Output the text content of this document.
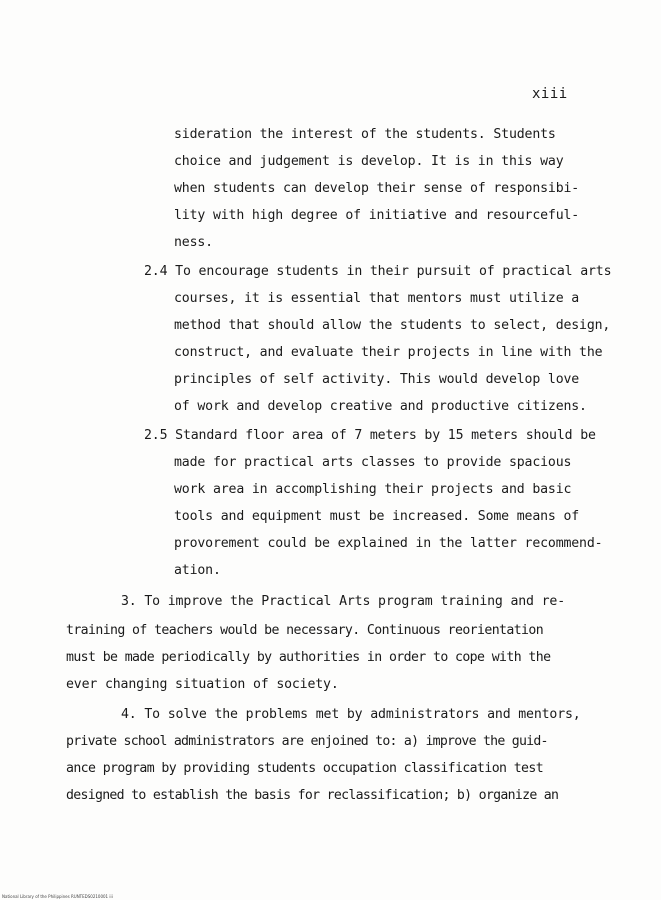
xiii
sideration the interest of the students. Students
choice and judgement is develop. It is in this way
when students can develop their sense of responsibi-
lity with high degree of initiative and resourceful-
ness.
2.4 To encourage students in their pursuit of practical arts
courses, it is essential that mentors must utilize a
method that should allow the students to select, design,
construct, and evaluate their projects in line with the
principles of self activity. This would develop love
of work and develop creative and productive citizens.
2.5 Standard floor area of 7 meters by 15 meters should be
made for practical arts classes to provide spacious
work area in accomplishing their projects and basic
tools and equipment must be increased. Some means of
provorement could be explained in the latter recommend-
ation.
3. To improve the Practical Arts program training and re-
training of teachers would be necessary. Continuous reorientation
must be made periodically by authorities in order to cope with the
ever changing situation of society.
4. To solve the problems met by administrators and mentors,
private school administrators are enjoined to: a) improve the guid-
ance program by providing students occupation classification test
designed to establish the basis for reclassification; b) organize an
National Library of the Philippines RUNTEDS0210001 iii
